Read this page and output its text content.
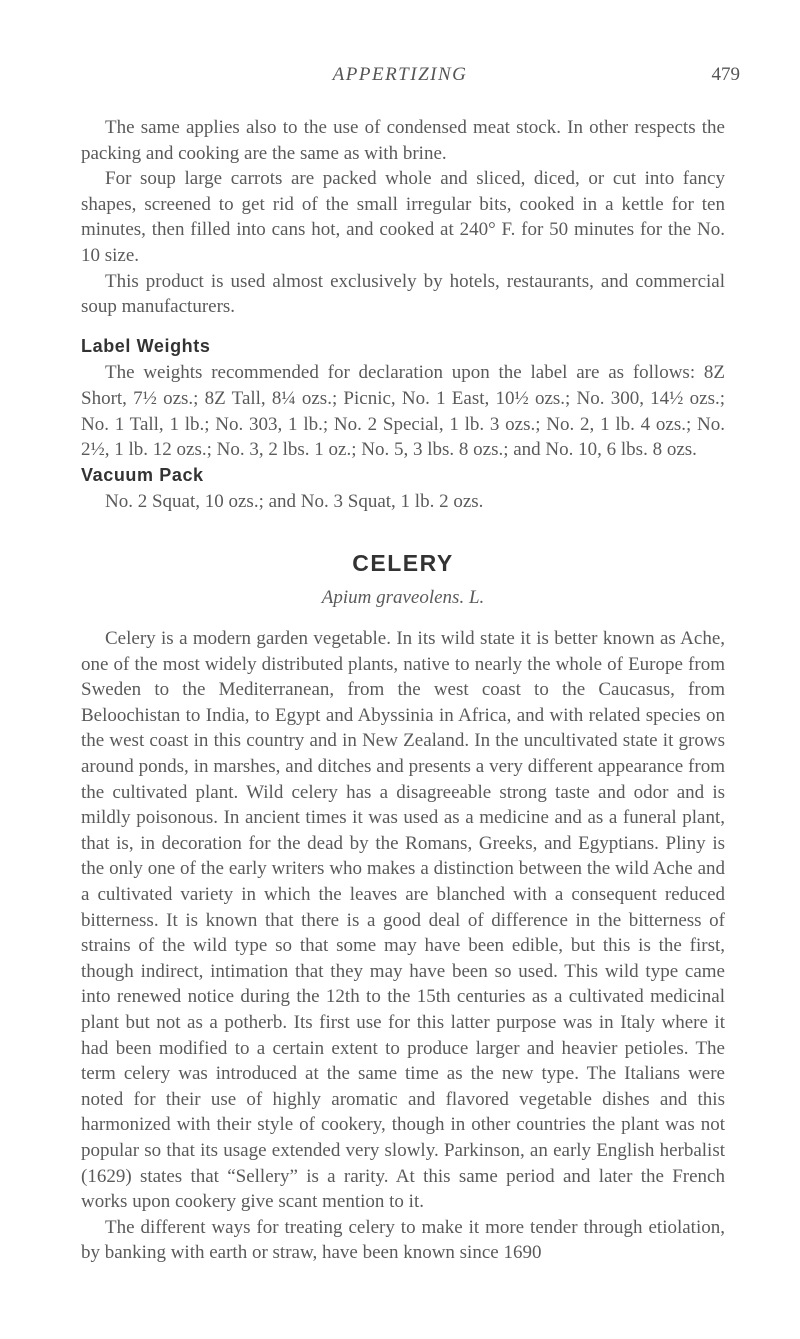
APPERTIZING	479

The same applies also to the use of condensed meat stock. In other respects the packing and cooking are the same as with brine.

For soup large carrots are packed whole and sliced, diced, or cut into fancy shapes, screened to get rid of the small irregular bits, cooked in a kettle for ten minutes, then filled into cans hot, and cooked at 240° F. for 50 minutes for the No. 10 size.

This product is used almost exclusively by hotels, restaurants, and commercial soup manufacturers.

Label Weights

The weights recommended for declaration upon the label are as follows: 8Z Short, 7½ ozs.; 8Z Tall, 8¼ ozs.; Picnic, No. 1 East, 10½ ozs.; No. 300, 14½ ozs.; No. 1 Tall, 1 lb.; No. 303, 1 lb.; No. 2 Special, 1 lb. 3 ozs.; No. 2, 1 lb. 4 ozs.; No. 2½, 1 lb. 12 ozs.; No. 3, 2 lbs. 1 oz.; No. 5, 3 lbs. 8 ozs.; and No. 10, 6 lbs. 8 ozs.

Vacuum Pack

No. 2 Squat, 10 ozs.; and No. 3 Squat, 1 lb. 2 ozs.

CELERY
Apium graveolens. L.

Celery is a modern garden vegetable. In its wild state it is better known as Ache, one of the most widely distributed plants, native to nearly the whole of Europe from Sweden to the Mediterranean, from the west coast to the Caucasus, from Beloochistan to India, to Egypt and Abyssinia in Africa, and with related species on the west coast in this country and in New Zealand. In the uncultivated state it grows around ponds, in marshes, and ditches and presents a very different appearance from the cultivated plant. Wild celery has a disagreeable strong taste and odor and is mildly poisonous. In ancient times it was used as a medicine and as a funeral plant, that is, in decoration for the dead by the Romans, Greeks, and Egyptians. Pliny is the only one of the early writers who makes a distinction between the wild Ache and a cultivated variety in which the leaves are blanched with a consequent reduced bitterness. It is known that there is a good deal of difference in the bitterness of strains of the wild type so that some may have been edible, but this is the first, though indirect, intimation that they may have been so used. This wild type came into renewed notice during the 12th to the 15th centuries as a cultivated medicinal plant but not as a potherb. Its first use for this latter purpose was in Italy where it had been modified to a certain extent to produce larger and heavier petioles. The term celery was introduced at the same time as the new type. The Italians were noted for their use of highly aromatic and flavored vegetable dishes and this harmonized with their style of cookery, though in other countries the plant was not popular so that its usage extended very slowly. Parkinson, an early English herbalist (1629) states that “Sellery” is a rarity. At this same period and later the French works upon cookery give scant mention to it.

The different ways for treating celery to make it more tender through etiolation, by banking with earth or straw, have been known since 1690
